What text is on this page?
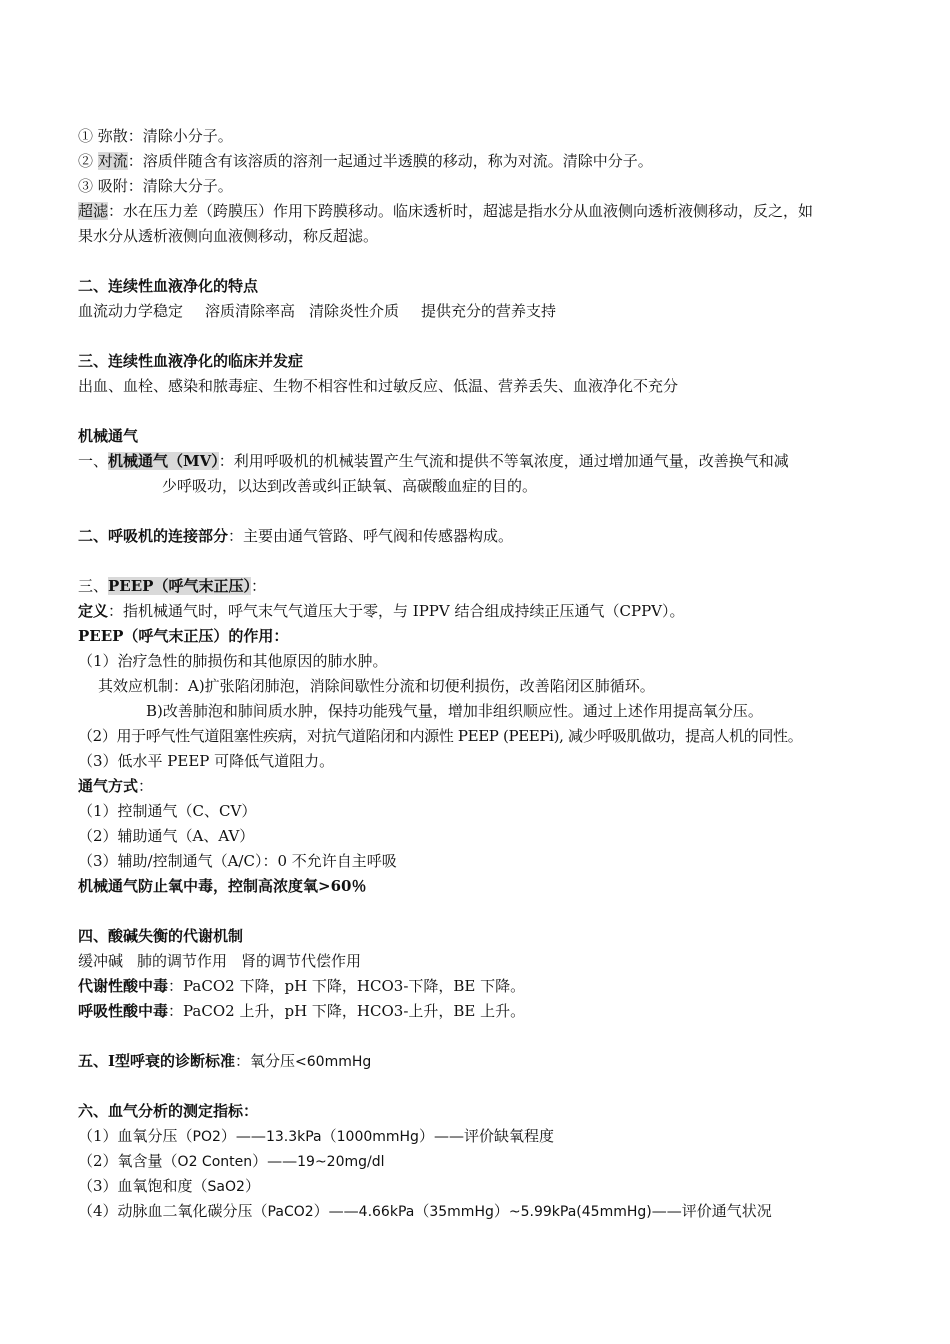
① 弥散：清除小分子。
② 对流：溶质伴随含有该溶质的溶剂一起通过半透膜的移动，称为对流。清除中分子。
③ 吸附：清除大分子。
超滤：水在压力差（跨膜压）作用下跨膜移动。临床透析时，超滤是指水分从血液侧向透析液侧移动，反之，如
果水分从透析液侧向血液侧移动，称反超滤。
二、连续性血液净化的特点
血流动力学稳定 溶质清除率高 清除炎性介质 提供充分的营养支持
三、连续性血液净化的临床并发症
出血、血栓、感染和脓毒症、生物不相容性和过敏反应、低温、营养丢失、血液净化不充分
机械通气
一、机械通气（MV）：利用呼吸机的机械装置产生气流和提供不等氧浓度，通过增加通气量，改善换气和减
少呼吸功，以达到改善或纠正缺氧、高碳酸血症的目的。
二、呼吸机的连接部分：主要由通气管路、呼气阀和传感器构成。
三、PEEP（呼气末正压）：
定义：指机械通气时，呼气末气气道压大于零，与 IPPV 结合组成持续正压通气（CPPV）。
PEEP（呼气末正压）的作用：
（1）治疗急性的肺损伤和其他原因的肺水肿。
其效应机制：A)扩张陷闭肺泡，消除间歇性分流和切便利损伤，改善陷闭区肺循环。
B)改善肺泡和肺间质水肿，保持功能残气量，增加非组织顺应性。通过上述作用提高氧分压。
（2）用于呼气性气道阻塞性疾病，对抗气道陷闭和内源性 PEEP (PEEPi), 减少呼吸肌做功，提高人机的同性。
（3）低水平 PEEP 可降低气道阻力。
通气方式：
（1）控制通气（C、CV）
（2）辅助通气（A、AV）
（3）辅助/控制通气（A/C）：0 不允许自主呼吸
机械通气防止氧中毒，控制高浓度氧>60％
四、酸碱失衡的代谢机制
缓冲碱 肺的调节作用 肾的调节代偿作用
代谢性酸中毒：PaCO2 下降，pH 下降，HCO3-下降，BE 下降。
呼吸性酸中毒：PaCO2 上升，pH 下降，HCO3-上升，BE 上升。
五、I型呼衰的诊断标准：氧分压<60mmHg
六、血气分析的测定指标：
（1）血氧分压（PO2）——13.3kPa（1000mmHg）——评价缺氧程度
（2）氧含量（O2 Conten）——19~20mg/dl
（3）血氧饱和度（SaO2）
（4）动脉血二氧化碳分压（PaCO2）——4.66kPa（35mmHg）~5.99kPa(45mmHg)——评价通气状况
